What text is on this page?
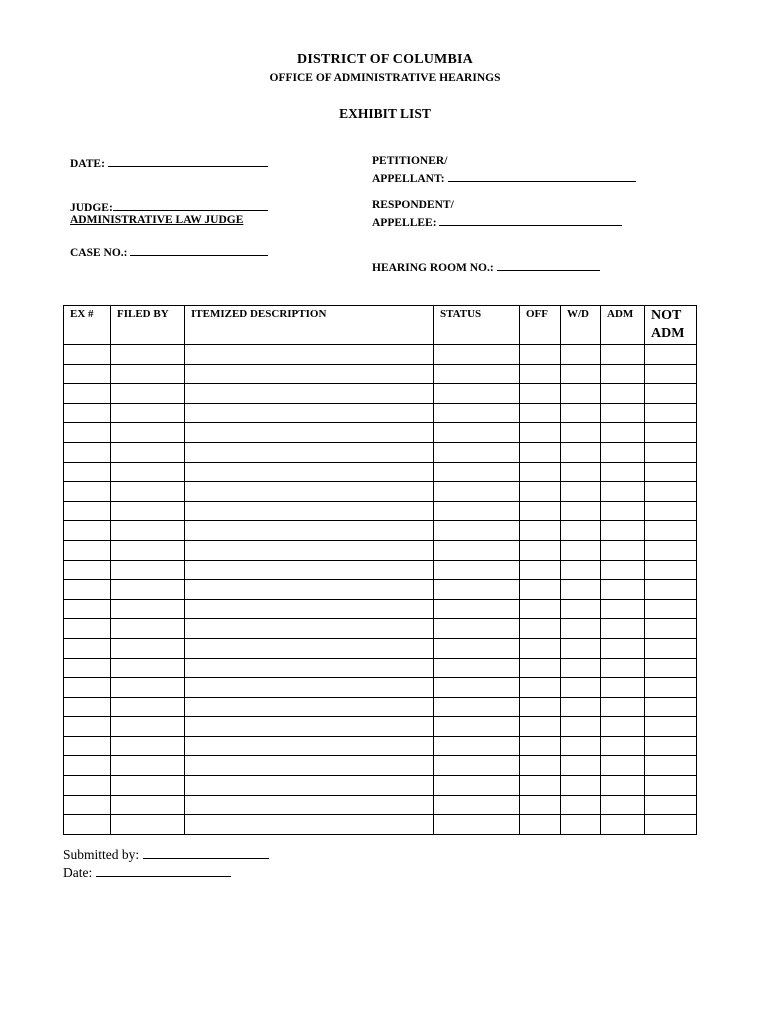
DISTRICT OF COLUMBIA
OFFICE OF ADMINISTRATIVE HEARINGS
EXHIBIT LIST
DATE:
JUDGE:
ADMINISTRATIVE LAW JUDGE
CASE NO.:
PETITIONER/
APPELLANT:
RESPONDENT/
APPELLEE:
HEARING ROOM NO.:
EX #	FILED BY	ITEMIZED DESCRIPTION	STATUS	OFF	W/D	ADM	NOT ADM

Submitted by:
Date:
